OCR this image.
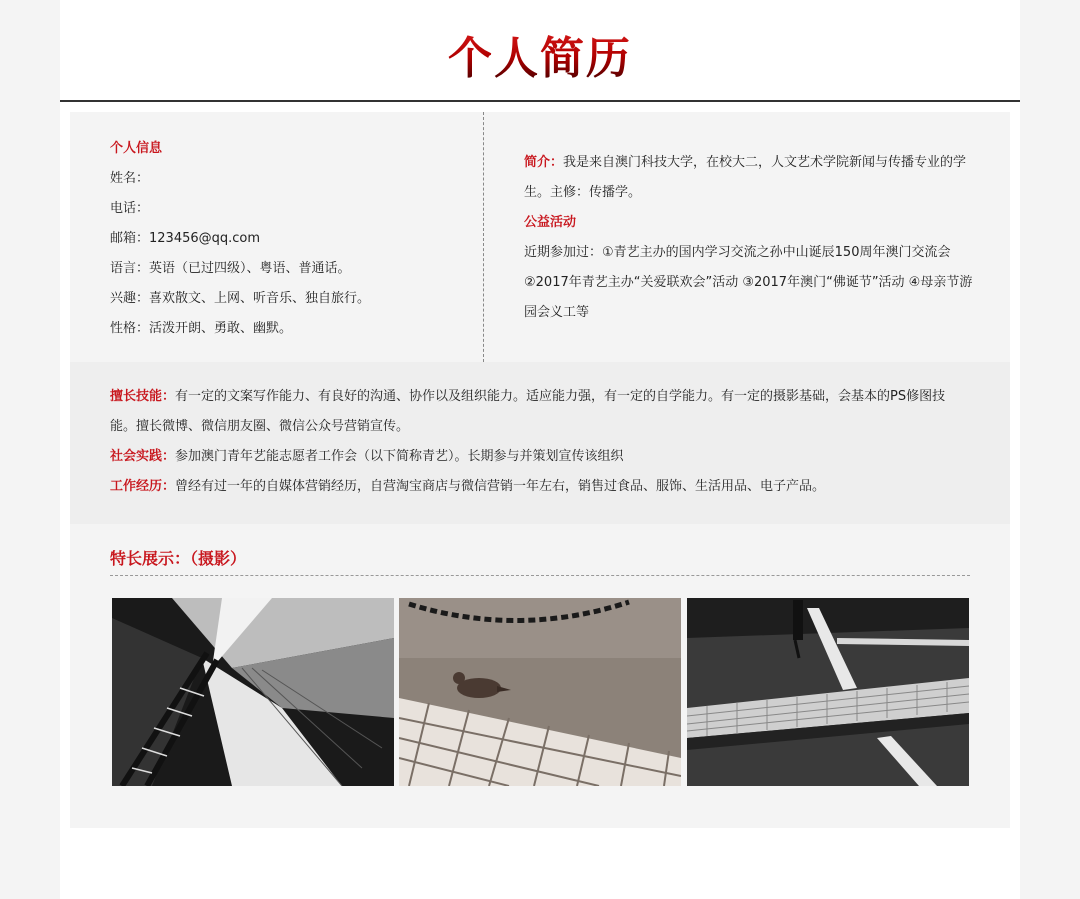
个人简历
个人信息
姓名：
电话：
邮箱：123456@qq.com
语言：英语（已过四级）、粤语、普通话。
兴趣：喜欢散文、上网、听音乐、独自旅行。
性格：活泼开朗、勇敢、幽默。
简介：我是来自澳门科技大学，在校大二，人文艺术学院新闻与传播专业的学生。主修：传播学。
公益活动
近期参加过：①青艺主办的国内学习交流之孙中山诞辰150周年澳门交流会 ②2017年青艺主办“关爱联欢会”活动 ③2017年澳门“佛诞节”活动 ④母亲节游园会义工等
擅长技能：有一定的文案写作能力、有良好的沟通、协作以及组织能力。适应能力强，有一定的自学能力。有一定的摄影基础，会基本的PS修图技能。擅长微博、微信朋友圈、微信公众号营销宣传。
社会实践：参加澳门青年艺能志愿者工作会（以下简称青艺）。长期参与并策划宣传该组织
工作经历：曾经有过一年的自媒体营销经历，自营淘宝商店与微信营销一年左右，销售过食品、服饰、生活用品、电子产品。
特长展示：（摄影）
